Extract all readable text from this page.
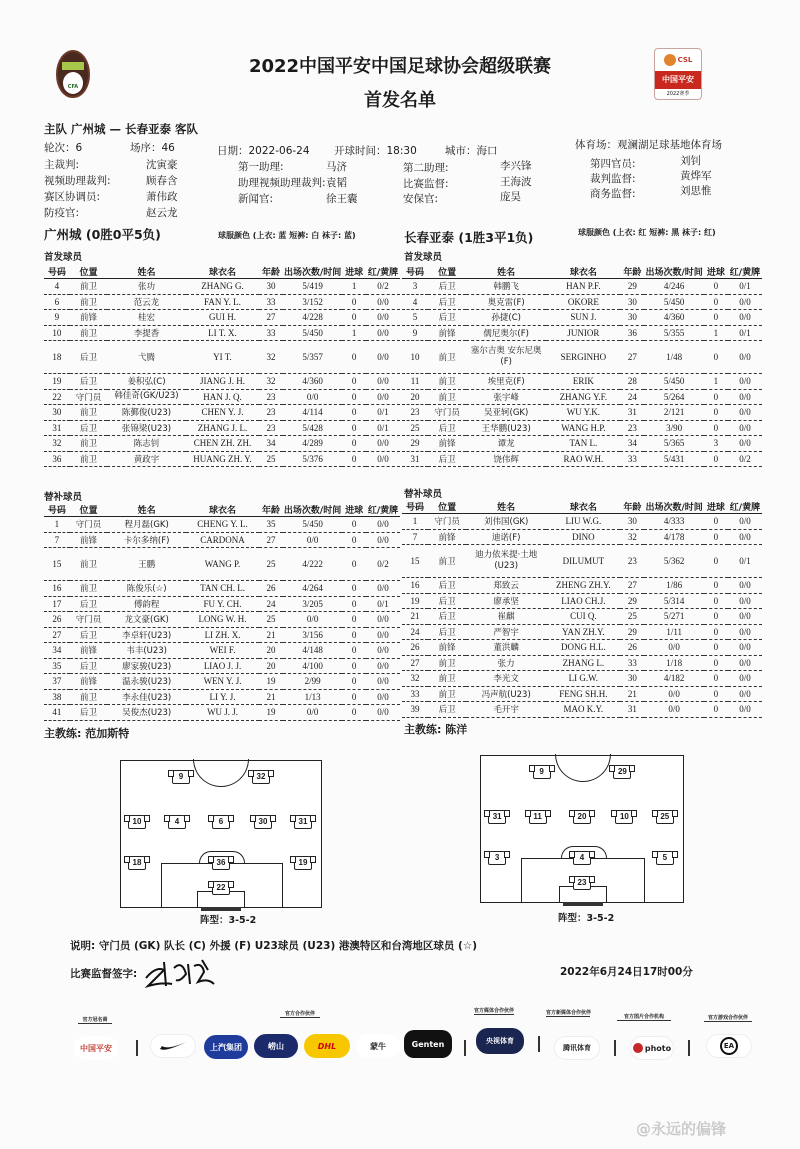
CFA
2022中国平安中国足球协会超级联赛
首发名单
CSL
中国平安
2022赛季
主队 广州城 — 长春亚泰 客队
轮次：6	场序：46	日期：2022-06-24 开球时间：18:30	城市：海口	体育场：观澜湖足球基地体育场
主裁判:	沈寅豪
视频助理裁判:	顾春含
赛区协调员:	萧伟政
防疫官:	赵云龙
第一助理:	马济
助理视频助理裁判: 袁韬
新闻官:	徐王囊
第二助理:	李兴锋
比赛监督:	王海波
安保官:	庞昊
第四官员:	刘钊
裁判监督:	黄烨军
商务监督:	刘思惟
广州城 (0胜0平5负)	球服颜色 (上衣: 蓝 短裤: 白 袜子: 蓝)
首发球员
号码	位置	姓名	球衣名	年龄	出场次数/时间	进球	红/黄牌
4	前卫	张功	ZHANG G.	30	5/419	1	0/2
6	前卫	范云龙	FAN Y. L.	33	3/152	0	0/0
9	前锋	桂宏	GUI H.	27	4/228	0	0/0
10	前卫	李提香	LI T. X.	33	5/450	1	0/0
18	后卫	弋腾	YI T.	32	5/357	0	0/0
19	后卫	姜积弘(C)	JIANG J. H.	32	4/360	0	0/0
22	守门员	韩佳奇(GK/U23)	HAN J. Q.	23	0/0	0	0/0
30	前卫	陈鄞俊(U23)	CHEN Y. J.	23	4/114	0	0/1
31	后卫	张锦梁(U23)	ZHANG J. L.	23	5/428	0	0/1
32	前卫	陈志钊	CHEN ZH. ZH.	34	4/289	0	0/0
36	前卫	黄政宇	HUANG ZH. Y.	25	5/376	0	0/0
替补球员
号码	位置	姓名	球衣名	年龄	出场次数/时间	进球	红/黄牌
1	守门员	程月磊(GK)	CHENG Y. L.	35	5/450	0	0/0
7	前锋	卡尔多纳(F)	CARDONA	27	0/0	0	0/0
15	前卫	王鹏	WANG P.	25	4/222	0	0/2
16	前卫	陈俊乐(☆)	TAN CH. L.	26	4/264	0	0/0
17	后卫	傅韵程	FU Y. CH.	24	3/205	0	0/1
26	守门员	龙文豪(GK)	LONG W. H.	25	0/0	0	0/0
27	后卫	李卓轩(U23)	LI ZH. X.	21	3/156	0	0/0
34	前锋	韦丰(U23)	WEI F.	20	4/148	0	0/0
35	后卫	廖家骏(U23)	LIAO J. J.	20	4/100	0	0/0
37	前锋	温永骏(U23)	WEN Y. J.	19	2/99	0	0/0
38	前卫	李永佳(U23)	LI Y. J.	21	1/13	0	0/0
41	后卫	吴俊杰(U23)	WU J. J.	19	0/0	0	0/0
主教练: 范加斯特
长春亚泰 (1胜3平1负)	球服颜色 (上衣: 红 短裤: 黑 袜子: 红)
首发球员
号码	位置	姓名	球衣名	年龄	出场次数/时间	进球	红/黄牌
3	后卫	韩鹏飞	HAN P.F.	29	4/246	0	0/1
4	后卫	奥克雷(F)	OKORE	30	5/450	0	0/0
5	后卫	孙捷(C)	SUN J.	30	4/360	0	0/0
9	前锋	儒尼奥尔(F)	JUNIOR	36	5/355	1	0/1
10	前卫	塞尔吉奥 安东尼奥(F)	SERGINHO	27	1/48	0	0/0
11	前卫	埃里克(F)	ERIK	28	5/450	1	0/0
20	前卫	张宇峰	ZHANG Y.F.	24	5/264	0	0/0
23	守门员	吴亚轲(GK)	WU Y.K.	31	2/121	0	0/0
25	后卫	王华鹏(U23)	WANG H.P.	23	3/90	0	0/0
29	前锋	谭龙	TAN L.	34	5/365	3	0/0
31	后卫	饶伟辉	RAO W.H.	33	5/431	0	0/2
替补球员
号码	位置	姓名	球衣名	年龄	出场次数/时间	进球	红/黄牌
1	守门员	刘伟国(GK)	LIU W.G.	30	4/333	0	0/0
7	前锋	迪诺(F)	DINO	32	4/178	0	0/0
15	前卫	迪力依米提·土地(U23)	DILUMUT	23	5/362	0	0/1
16	后卫	郑致云	ZHENG ZH.Y.	27	1/86	0	0/0
19	后卫	廖承坚	LIAO CH.J.	29	5/314	0	0/0
21	后卫	崔麒	CUI Q.	25	5/271	0	0/0
24	后卫	严智宇	YAN ZH.Y.	29	1/11	0	0/0
26	前锋	董洪麟	DONG H.L.	26	0/0	0	0/0
27	前卫	张力	ZHANG L.	33	1/18	0	0/0
32	前卫	李光文	LI G.W.	30	4/182	0	0/0
33	前卫	冯声航(U23)	FENG SH.H.	21	0/0	0	0/0
39	后卫	毛开宇	MAO K.Y.	31	0/0	0	0/0
主教练: 陈洋
9	32
10	4	6	30	31
18	36	19
22
阵型：3-5-2
9	29
31	11	20	10	25
3	4	5
23
阵型：3-5-2
说明: 守门员 (GK) 队长 (C) 外援 (F) U23球员 (U23) 港澳特区和台湾地区球员 (☆)
比赛监督签字:	2022年6月24日17时00分
官方冠名商
官方合作伙伴	官方媒体合作伙伴	官方新媒体合作伙伴
官方图片合作机构	官方游戏合作伙伴
中国平安	上汽集团	崂山	DHL	蒙牛	Genten	央视体育
腾讯体育	photo	EA
@永远的偏锋
